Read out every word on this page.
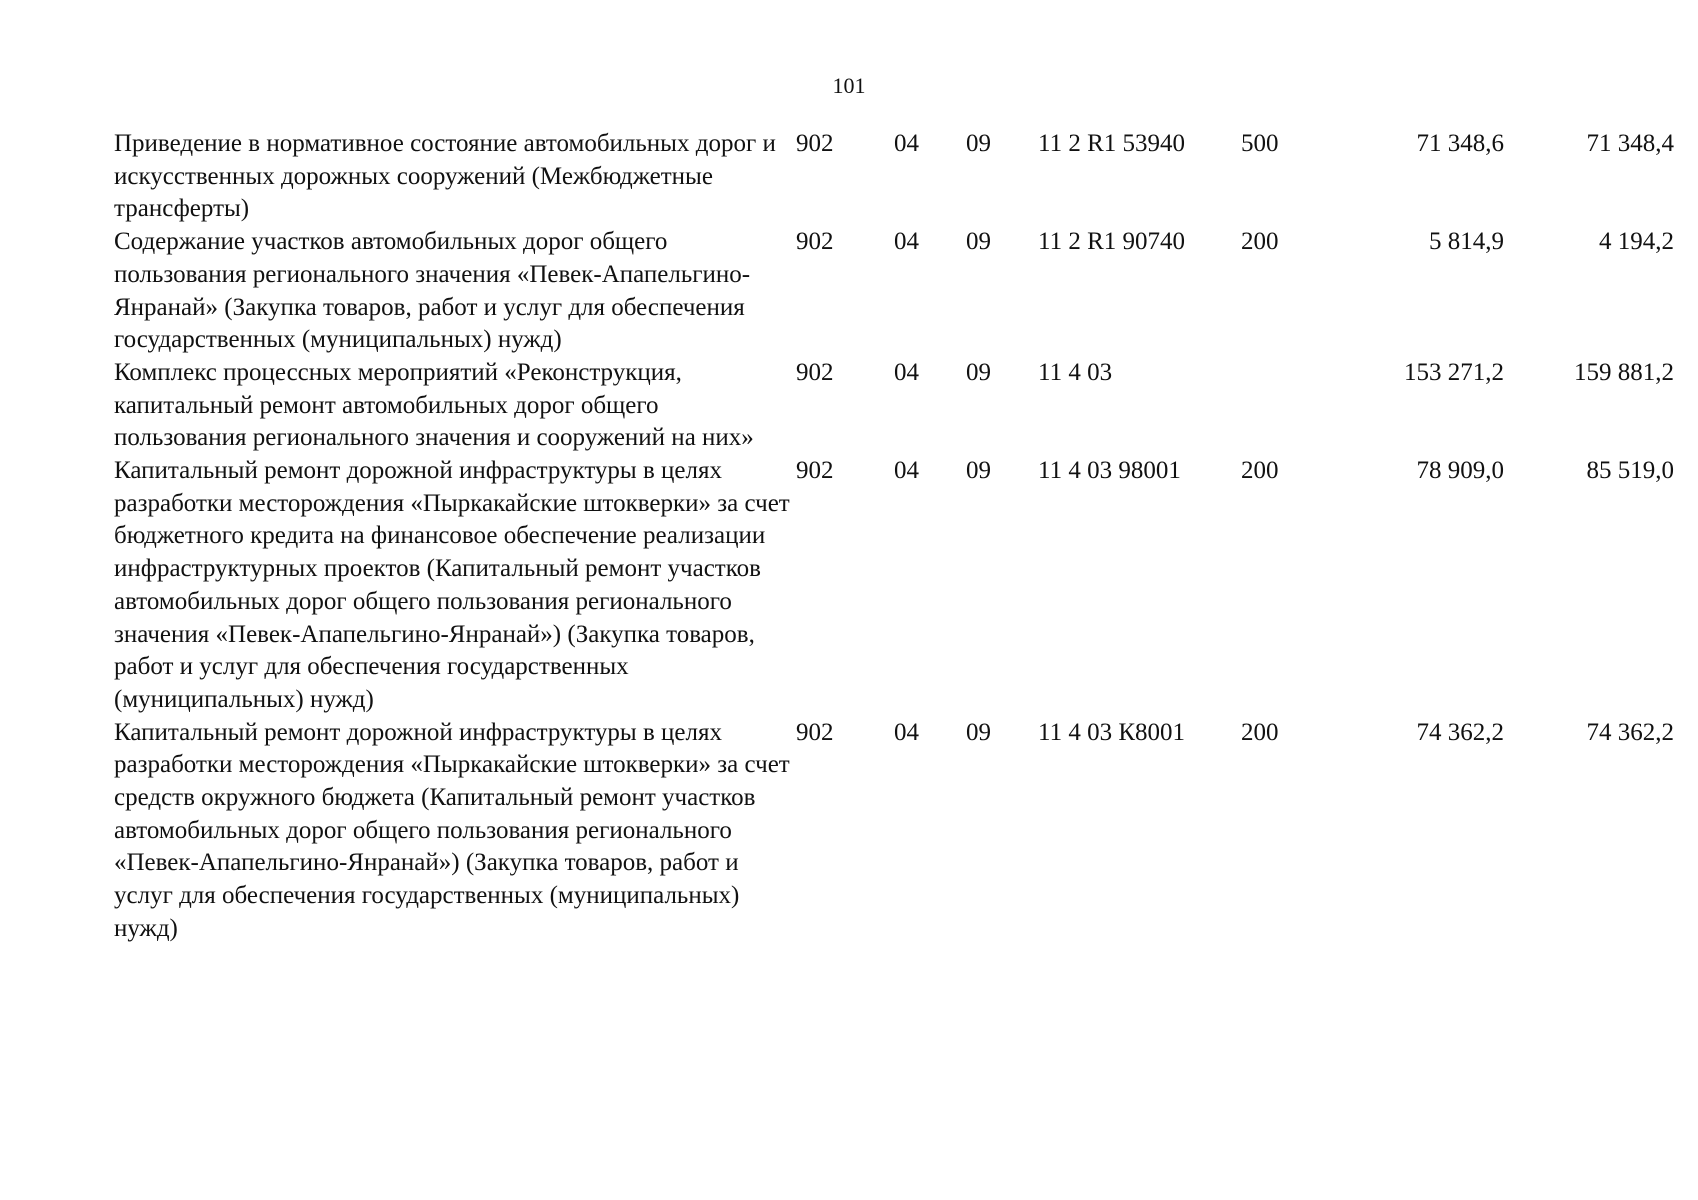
101
Приведение в нормативное состояние автомобильных дорог и искусственных дорожных сооружений (Межбюджетные трансферты)	902	04	09	11 2 R1 53940	500	71 348,6	71 348,4
Содержание участков автомобильных дорог общего пользования регионального значения «Певек-Апапельгино-Янранай» (Закупка товаров, работ и услуг для обеспечения государственных (муниципальных) нужд)	902	04	09	11 2 R1 90740	200	5 814,9	4 194,2
Комплекс процессных мероприятий «Реконструкция, капитальный ремонт автомобильных дорог общего пользования регионального значения и сооружений на них»	902	04	09	11 4 03		153 271,2	159 881,2
Капитальный ремонт дорожной инфраструктуры в целях разработки месторождения «Пыркакайские штокверки» за счет бюджетного кредита на финансовое обеспечение реализации инфраструктурных проектов (Капитальный ремонт участков автомобильных дорог общего пользования регионального значения «Певек-Апапельгино-Янранай») (Закупка товаров, работ и услуг для обеспечения государственных (муниципальных) нужд)	902	04	09	11 4 03 98001	200	78 909,0	85 519,0
Капитальный ремонт дорожной инфраструктуры в целях разработки месторождения «Пыркакайские штокверки» за счет средств окружного бюджета (Капитальный ремонт участков автомобильных дорог общего пользования регионального «Певек-Апапельгино-Янранай») (Закупка товаров, работ и услуг для обеспечения государственных (муниципальных) нужд)	902	04	09	11 4 03 К8001	200	74 362,2	74 362,2
